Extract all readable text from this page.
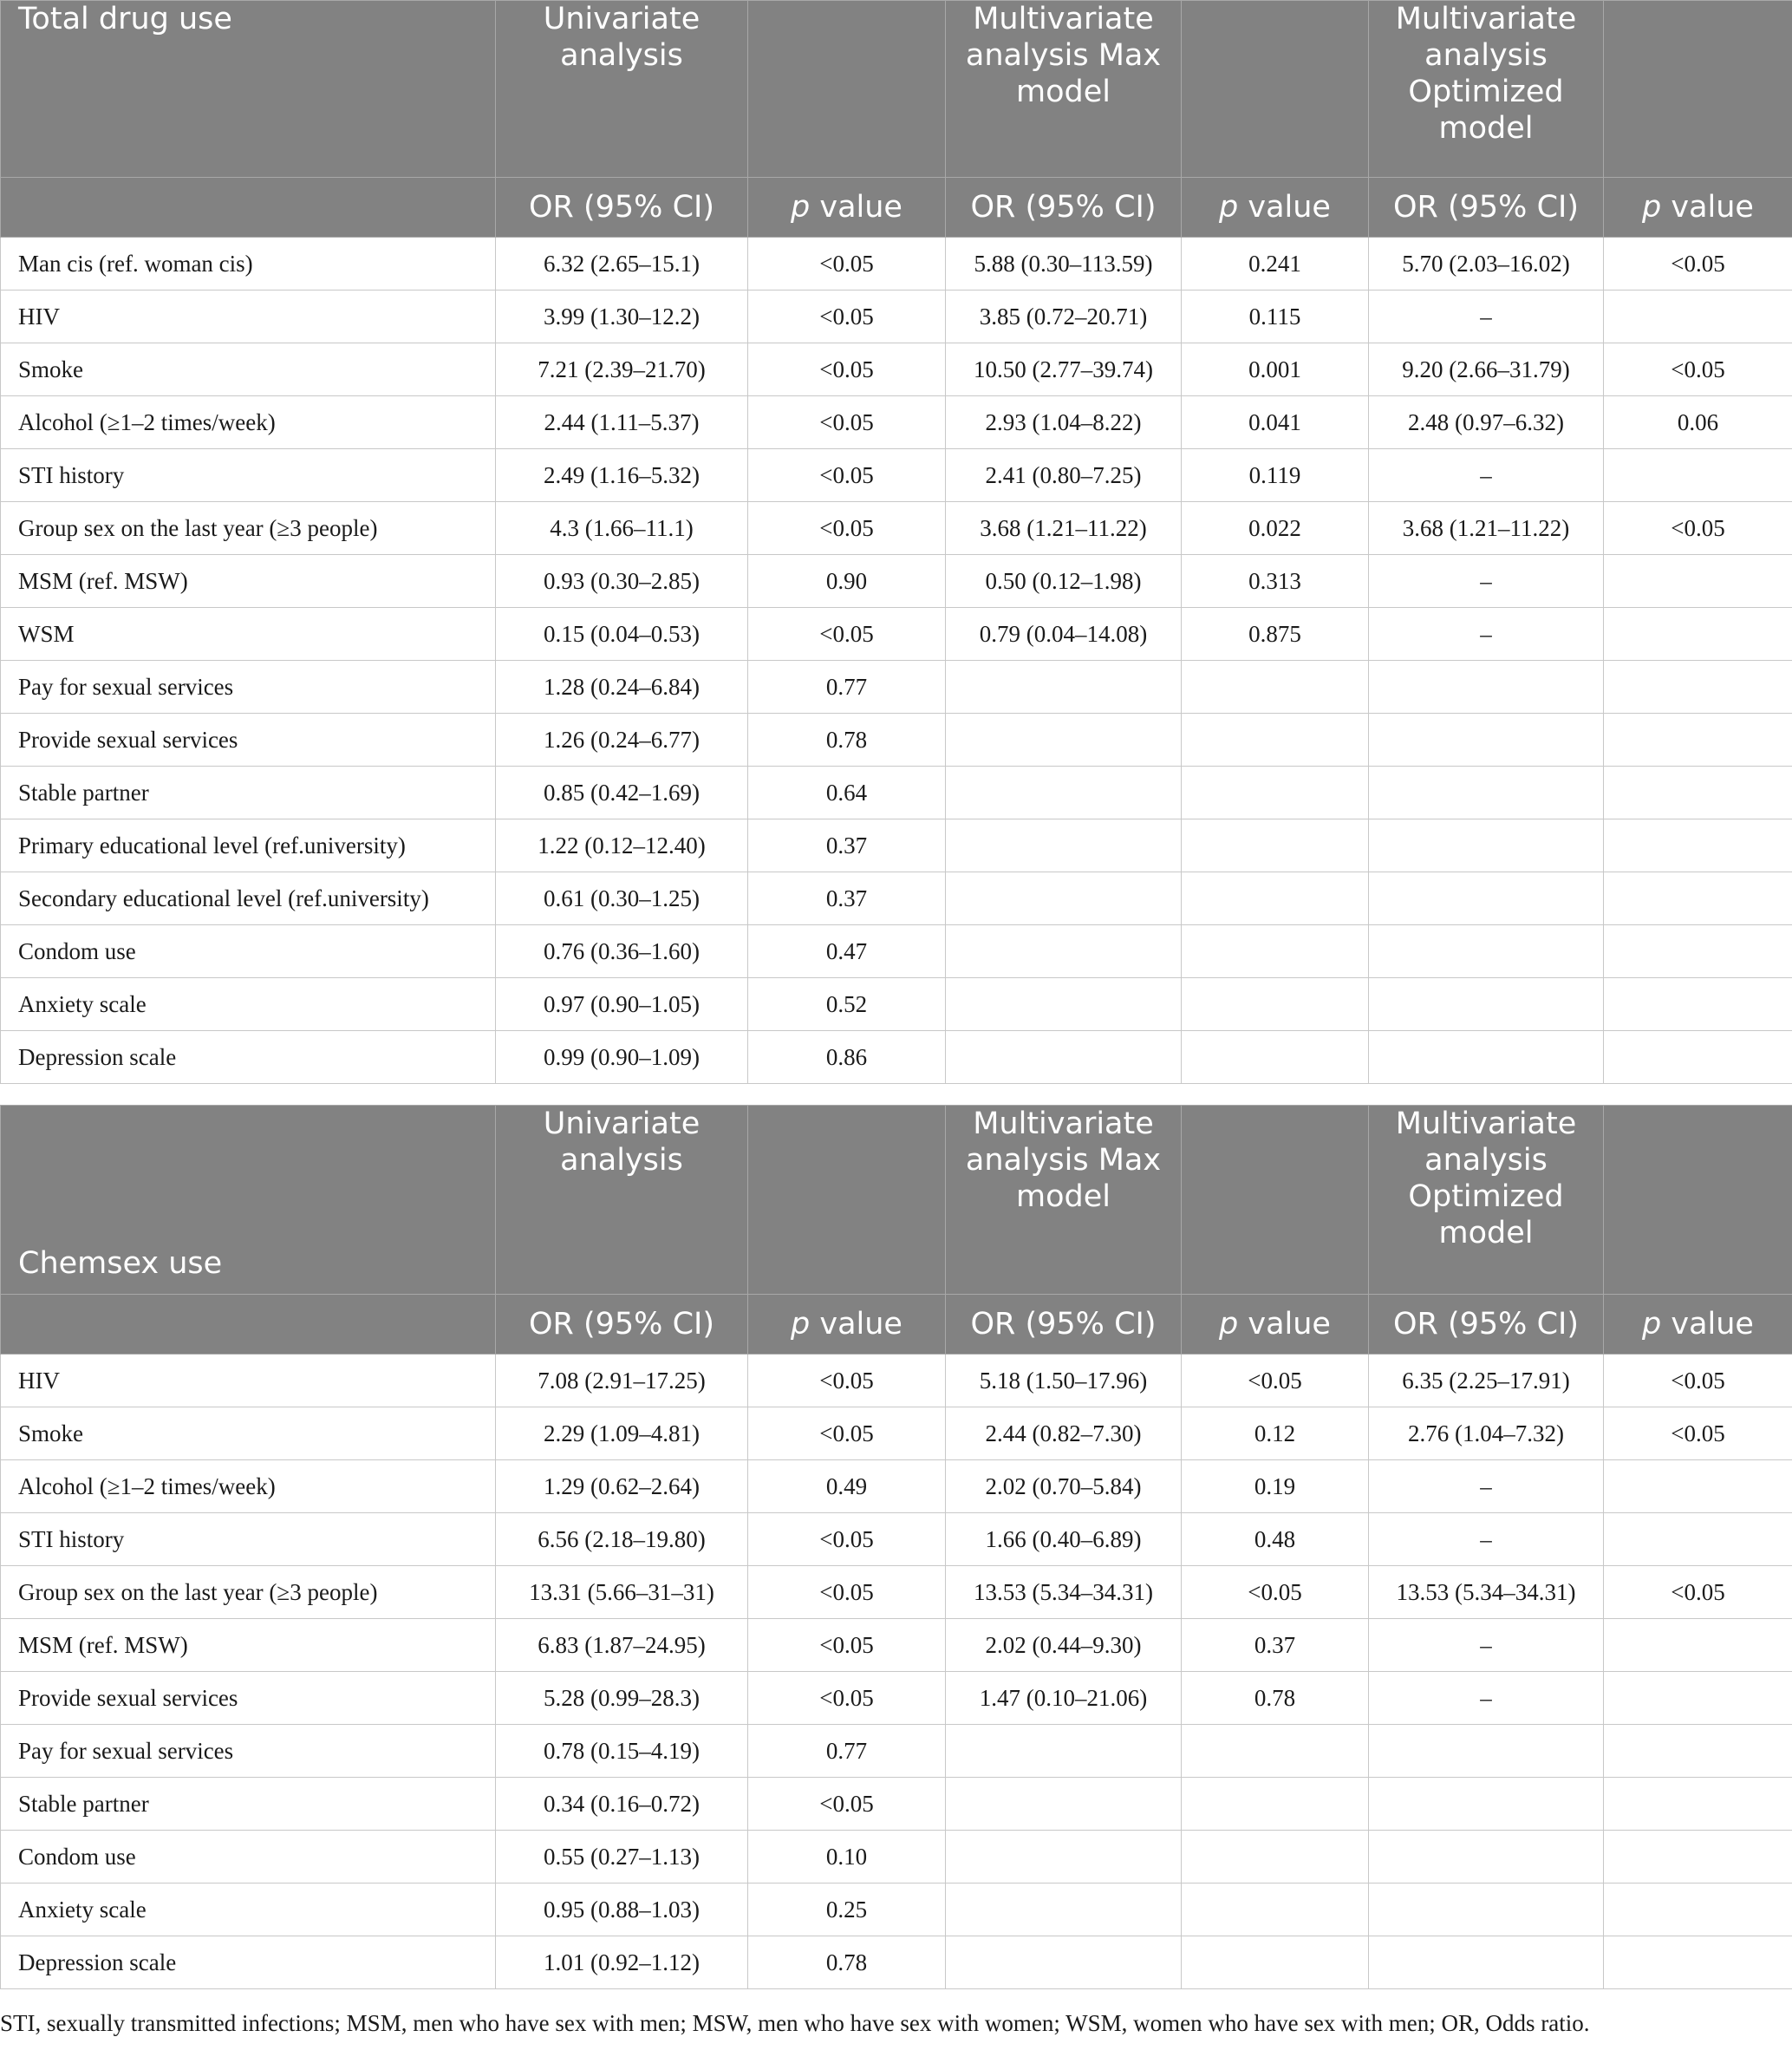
Total drug use	Univariate analysis		Multivariate analysis Max model		Multivariate analysis Optimized model	
	OR (95% CI)	p value	OR (95% CI)	p value	OR (95% CI)	p value
Man cis (ref. woman cis)	6.32 (2.65–15.1)	<0.05	5.88 (0.30–113.59)	0.241	5.70 (2.03–16.02)	<0.05
HIV	3.99 (1.30–12.2)	<0.05	3.85 (0.72–20.71)	0.115	–	
Smoke	7.21 (2.39–21.70)	<0.05	10.50 (2.77–39.74)	0.001	9.20 (2.66–31.79)	<0.05
Alcohol (≥1–2 times/week)	2.44 (1.11–5.37)	<0.05	2.93 (1.04–8.22)	0.041	2.48 (0.97–6.32)	0.06
STI history	2.49 (1.16–5.32)	<0.05	2.41 (0.80–7.25)	0.119	–	
Group sex on the last year (≥3 people)	4.3 (1.66–11.1)	<0.05	3.68 (1.21–11.22)	0.022	3.68 (1.21–11.22)	<0.05
MSM (ref. MSW)	0.93 (0.30–2.85)	0.90	0.50 (0.12–1.98)	0.313	–	
WSM	0.15 (0.04–0.53)	<0.05	0.79 (0.04–14.08)	0.875	–	
Pay for sexual services	1.28 (0.24–6.84)	0.77				
Provide sexual services	1.26 (0.24–6.77)	0.78				
Stable partner	0.85 (0.42–1.69)	0.64				
Primary educational level (ref.university)	1.22 (0.12–12.40)	0.37				
Secondary educational level (ref.university)	0.61 (0.30–1.25)	0.37				
Condom use	0.76 (0.36–1.60)	0.47				
Anxiety scale	0.97 (0.90–1.05)	0.52				
Depression scale	0.99 (0.90–1.09)	0.86				
Chemsex use	Univariate analysis		Multivariate analysis Max model		Multivariate analysis Optimized model	
	OR (95% CI)	p value	OR (95% CI)	p value	OR (95% CI)	p value
HIV	7.08 (2.91–17.25)	<0.05	5.18 (1.50–17.96)	<0.05	6.35 (2.25–17.91)	<0.05
Smoke	2.29 (1.09–4.81)	<0.05	2.44 (0.82–7.30)	0.12	2.76 (1.04–7.32)	<0.05
Alcohol (≥1–2 times/week)	1.29 (0.62–2.64)	0.49	2.02 (0.70–5.84)	0.19	–	
STI history	6.56 (2.18–19.80)	<0.05	1.66 (0.40–6.89)	0.48	–	
Group sex on the last year (≥3 people)	13.31 (5.66–31–31)	<0.05	13.53 (5.34–34.31)	<0.05	13.53 (5.34–34.31)	<0.05
MSM (ref. MSW)	6.83 (1.87–24.95)	<0.05	2.02 (0.44–9.30)	0.37	–	
Provide sexual services	5.28 (0.99–28.3)	<0.05	1.47 (0.10–21.06)	0.78	–	
Pay for sexual services	0.78 (0.15–4.19)	0.77				
Stable partner	0.34 (0.16–0.72)	<0.05				
Condom use	0.55 (0.27–1.13)	0.10				
Anxiety scale	0.95 (0.88–1.03)	0.25				
Depression scale	1.01 (0.92–1.12)	0.78				
STI, sexually transmitted infections; MSM, men who have sex with men; MSW, men who have sex with women; WSM, women who have sex with men; OR, Odds ratio.
